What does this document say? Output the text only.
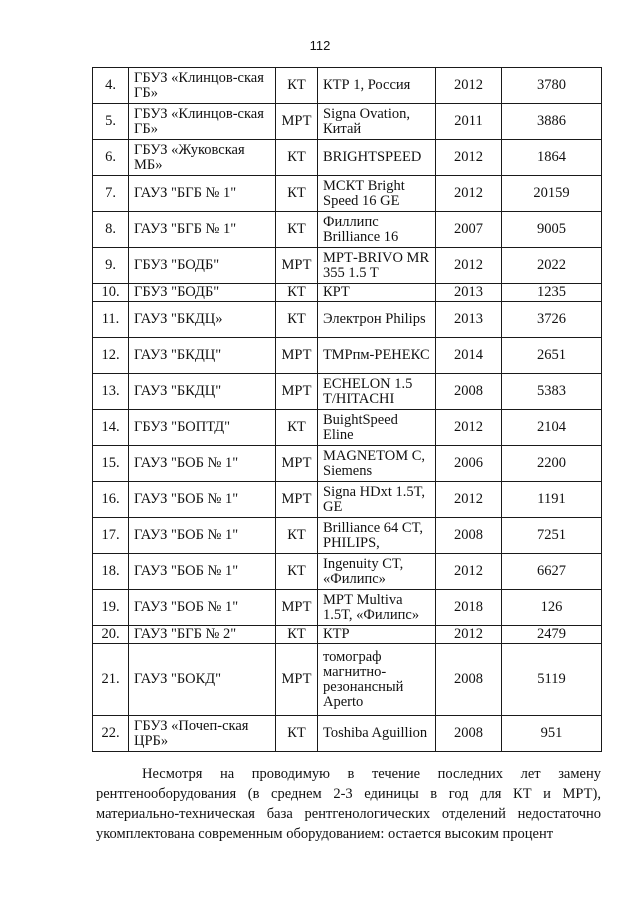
112
4.	ГБУЗ «Клинцов-ская ГБ»	КТ	КТР 1, Россия	2012	3780
5.	ГБУЗ «Клинцов-ская ГБ»	МРТ	Signa Ovation, Китай	2011	3886
6.	ГБУЗ «Жуковская МБ»	КТ	BRIGHTSPEED	2012	1864
7.	ГАУЗ "БГБ № 1"	КТ	МСКТ Bright Speed 16 GE	2012	20159
8.	ГАУЗ "БГБ № 1"	КТ	Филлипс Brilliance 16	2007	9005
9.	ГБУЗ "БОДБ"	МРТ	МРТ-BRIVO MR 355 1.5 T	2012	2022
10.	ГБУЗ "БОДБ"	КТ	КРТ	2013	1235
11.	ГАУЗ "БКДЦ»	КТ	Электрон Philips	2013	3726
12.	ГАУЗ "БКДЦ"	МРТ	ТМРпм-РЕНЕКС	2014	2651
13.	ГАУЗ "БКДЦ"	МРТ	ECHELON 1.5 T/HITACHI	2008	5383
14.	ГБУЗ "БОПТД"	КТ	BuightSpeed Eline	2012	2104
15.	ГАУЗ "БОБ № 1"	МРТ	MAGNETOM C, Siemens	2006	2200
16.	ГАУЗ "БОБ № 1"	МРТ	Signa HDxt 1.5T, GE	2012	1191
17.	ГАУЗ "БОБ № 1"	КТ	Brilliance 64 CT, PHILIPS,	2008	7251
18.	ГАУЗ "БОБ № 1"	КТ	Ingenuity CT, «Филипс»	2012	6627
19.	ГАУЗ "БОБ № 1"	МРТ	МРТ Multiva 1.5T, «Филипс»	2018	126
20.	ГАУЗ "БГБ № 2"	КТ	КТР	2012	2479
21.	ГАУЗ "БОКД"	МРТ	томограф магнитно-резонансный Aperto	2008	5119
22.	ГБУЗ «Почеп-ская ЦРБ»	КТ	Toshiba Aguillion	2008	951

Несмотря на проводимую в течение последних лет замену рентгенооборудования (в среднем 2-3 единицы в год для КТ и МРТ), материально-техническая база рентгенологических отделений недостаточно укомплектована современным оборудованием: остается высоким процент
